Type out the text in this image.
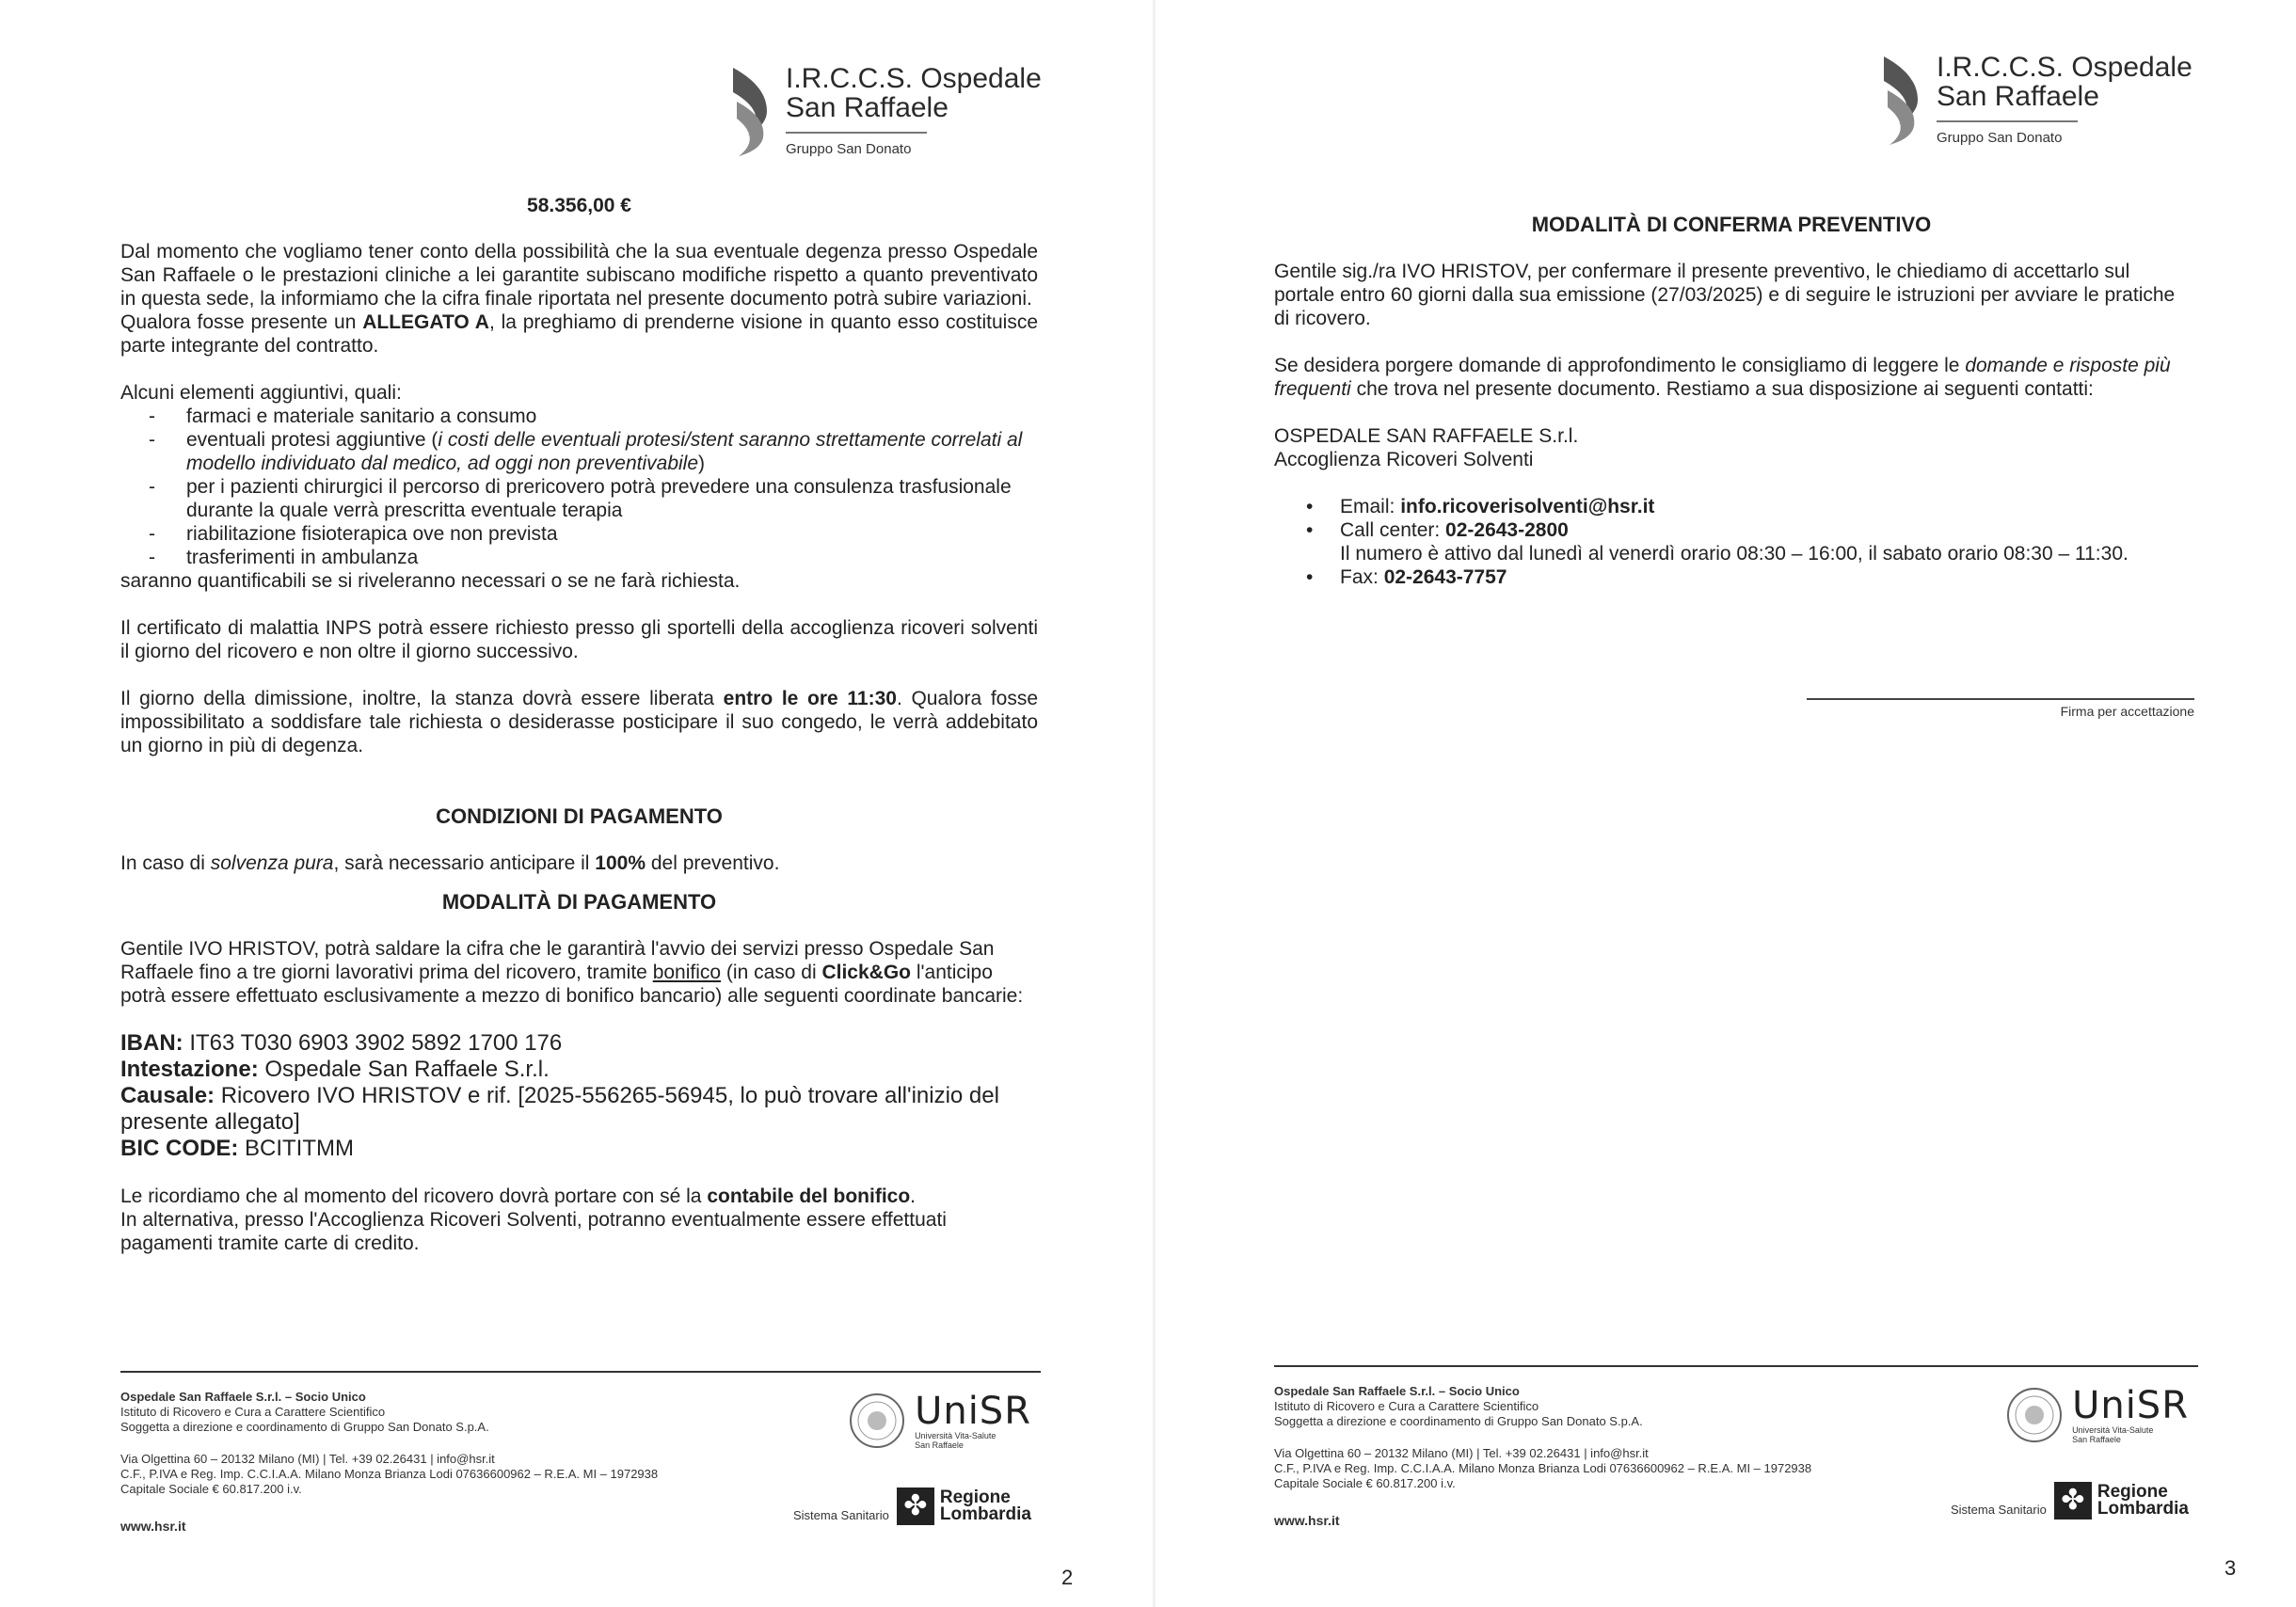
I.R.C.C.S. Ospedale
San Raffaele
Gruppo San Donato

58.356,00 €

Dal momento che vogliamo tener conto della possibilità che la sua eventuale degenza presso Ospedale San Raffaele o le prestazioni cliniche a lei garantite subiscano modifiche rispetto a quanto preventivato in questa sede, la informiamo che la cifra finale riportata nel presente documento potrà subire variazioni.

Qualora fosse presente un ALLEGATO A, la preghiamo di prenderne visione in quanto esso costituisce parte integrante del contratto.

Alcuni elementi aggiuntivi, quali:

- farmaci e materiale sanitario a consumo
- eventuali protesi aggiuntive (i costi delle eventuali protesi/stent saranno strettamente correlati al modello individuato dal medico, ad oggi non preventivabile)
- per i pazienti chirurgici il percorso di prericovero potrà prevedere una consulenza trasfusionale durante la quale verrà prescritta eventuale terapia
- riabilitazione fisioterapica ove non prevista
- trasferimenti in ambulanza

saranno quantificabili se si riveleranno necessari o se ne farà richiesta.

Il certificato di malattia INPS potrà essere richiesto presso gli sportelli della accoglienza ricoveri solventi il giorno del ricovero e non oltre il giorno successivo.

Il giorno della dimissione, inoltre, la stanza dovrà essere liberata entro le ore 11:30. Qualora fosse impossibilitato a soddisfare tale richiesta o desiderasse posticipare il suo congedo, le verrà addebitato un giorno in più di degenza.

CONDIZIONI DI PAGAMENTO

In caso di solvenza pura, sarà necessario anticipare il 100% del preventivo.

MODALITÀ DI PAGAMENTO

Gentile IVO HRISTOV, potrà saldare la cifra che le garantirà l'avvio dei servizi presso Ospedale San Raffaele fino a tre giorni lavorativi prima del ricovero, tramite bonifico (in caso di Click&Go l'anticipo potrà essere effettuato esclusivamente a mezzo di bonifico bancario) alle seguenti coordinate bancarie:

IBAN: IT63 T030 6903 3902 5892 1700 176
Intestazione: Ospedale San Raffaele S.r.l.
Causale: Ricovero IVO HRISTOV e rif. [2025-556265-56945, lo può trovare all'inizio del presente allegato]
BIC CODE: BCITITMM

Le ricordiamo che al momento del ricovero dovrà portare con sé la contabile del bonifico.

In alternativa, presso l'Accoglienza Ricoveri Solventi, potranno eventualmente essere effettuati pagamenti tramite carte di credito.

Ospedale San Raffaele S.r.l. – Socio Unico
Istituto di Ricovero e Cura a Carattere Scientifico
Soggetta a direzione e coordinamento di Gruppo San Donato S.p.A.
Via Olgettina 60 – 20132 Milano (MI) | Tel. +39 02.26431 | info@hsr.it
C.F., P.IVA e Reg. Imp. C.C.I.A.A. Milano Monza Brianza Lodi 07636600962 – R.E.A. MI – 1972938
Capitale Sociale € 60.817.200 i.v.
www.hsr.it
UniSR
Università Vita-Salute
San Raffaele
Sistema Sanitario ✤ Regione
Lombardia
2
I.R.C.C.S. Ospedale
San Raffaele
Gruppo San Donato

MODALITÀ DI CONFERMA PREVENTIVO

Gentile sig./ra IVO HRISTOV, per confermare il presente preventivo, le chiediamo di accettarlo sul portale entro 60 giorni dalla sua emissione (27/03/2025) e di seguire le istruzioni per avviare le pratiche di ricovero.

Se desidera porgere domande di approfondimento le consigliamo di leggere le domande e risposte più frequenti che trova nel presente documento. Restiamo a sua disposizione ai seguenti contatti:

OSPEDALE SAN RAFFAELE S.r.l.

Accoglienza Ricoveri Solventi

• Email: info.ricoverisolventi@hsr.it
• Call center: 02-2643-2800
Il numero è attivo dal lunedì al venerdì orario 08:30 – 16:00, il sabato orario 08:30 – 11:30.
• Fax: 02-2643-7757
Ospedale San Raffaele S.r.l. – Socio Unico
Istituto di Ricovero e Cura a Carattere Scientifico
Soggetta a direzione e coordinamento di Gruppo San Donato S.p.A.
Via Olgettina 60 – 20132 Milano (MI) | Tel. +39 02.26431 | info@hsr.it
C.F., P.IVA e Reg. Imp. C.C.I.A.A. Milano Monza Brianza Lodi 07636600962 – R.E.A. MI – 1972938
Capitale Sociale € 60.817.200 i.v.
www.hsr.it
UniSR
Università Vita-Salute
San Raffaele
Sistema Sanitario ✤ Regione
Lombardia
3
Firma per accettazione
